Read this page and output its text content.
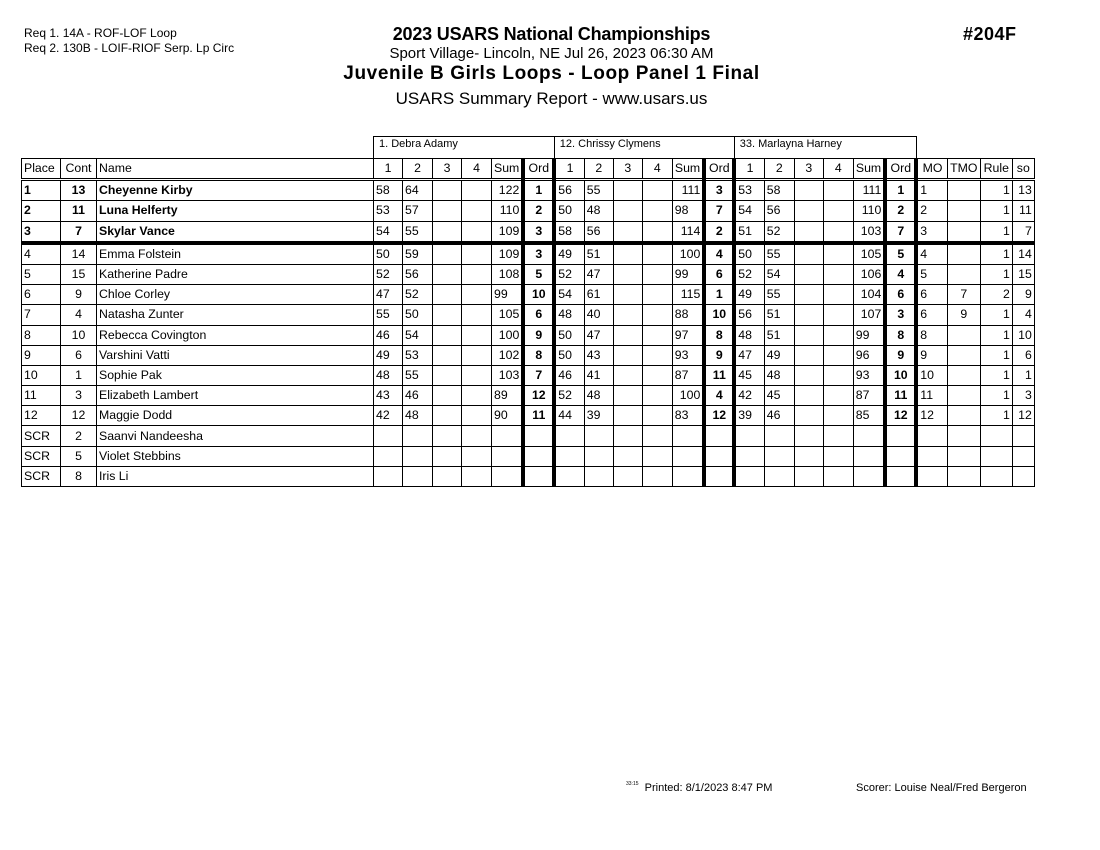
Req 1. 14A - ROF-LOF Loop
Req 2. 130B - LOIF-RIOF Serp. Lp Circ
2023 USARS National Championships
Sport Village- Lincoln, NE Jul 26, 2023 06:30 AM
Juvenile B Girls Loops - Loop Panel 1 Final
USARS Summary Report - www.usars.us
#204F
			1. Debra Adamy						12. Chrissy Clymens						33. Marlayna Harney									
Place	Cont	Name	1	2	3	4	Sum	Ord	1	2	3	4	Sum	Ord	1	2	3	4	Sum	Ord	MO	TMO	Rule	so
1	13	Cheyenne Kirby	58	64			122	1	56	55			111	3	53	58			111	1	1		1	13
2	11	Luna Helferty	53	57			110	2	50	48			98	7	54	56			110	2	2		1	11
3	7	Skylar Vance	54	55			109	3	58	56			114	2	51	52			103	7	3		1	7
4	14	Emma Folstein	50	59			109	3	49	51			100	4	50	55			105	5	4		1	14
5	15	Katherine Padre	52	56			108	5	52	47			99	6	52	54			106	4	5		1	15
6	9	Chloe Corley	47	52			99	10	54	61			115	1	49	55			104	6	6	7	2	9
7	4	Natasha Zunter	55	50			105	6	48	40			88	10	56	51			107	3	6	9	1	4
8	10	Rebecca Covington	46	54			100	9	50	47			97	8	48	51			99	8	8		1	10
9	6	Varshini Vatti	49	53			102	8	50	43			93	9	47	49			96	9	9		1	6
10	1	Sophie Pak	48	55			103	7	46	41			87	11	45	48			93	10	10		1	1
11	3	Elizabeth Lambert	43	46			89	12	52	48			100	4	42	45			87	11	11		1	3
12	12	Maggie Dodd	42	48			90	11	44	39			83	12	39	46			85	12	12		1	12
SCR	2	Saanvi Nandeesha																						
SCR	5	Violet Stebbins																						
SCR	8	Iris Li																						
$^{33:15}$ Printed: 8/1/2023 8:47 PM	Scorer: Louise Neal/Fred Bergeron
